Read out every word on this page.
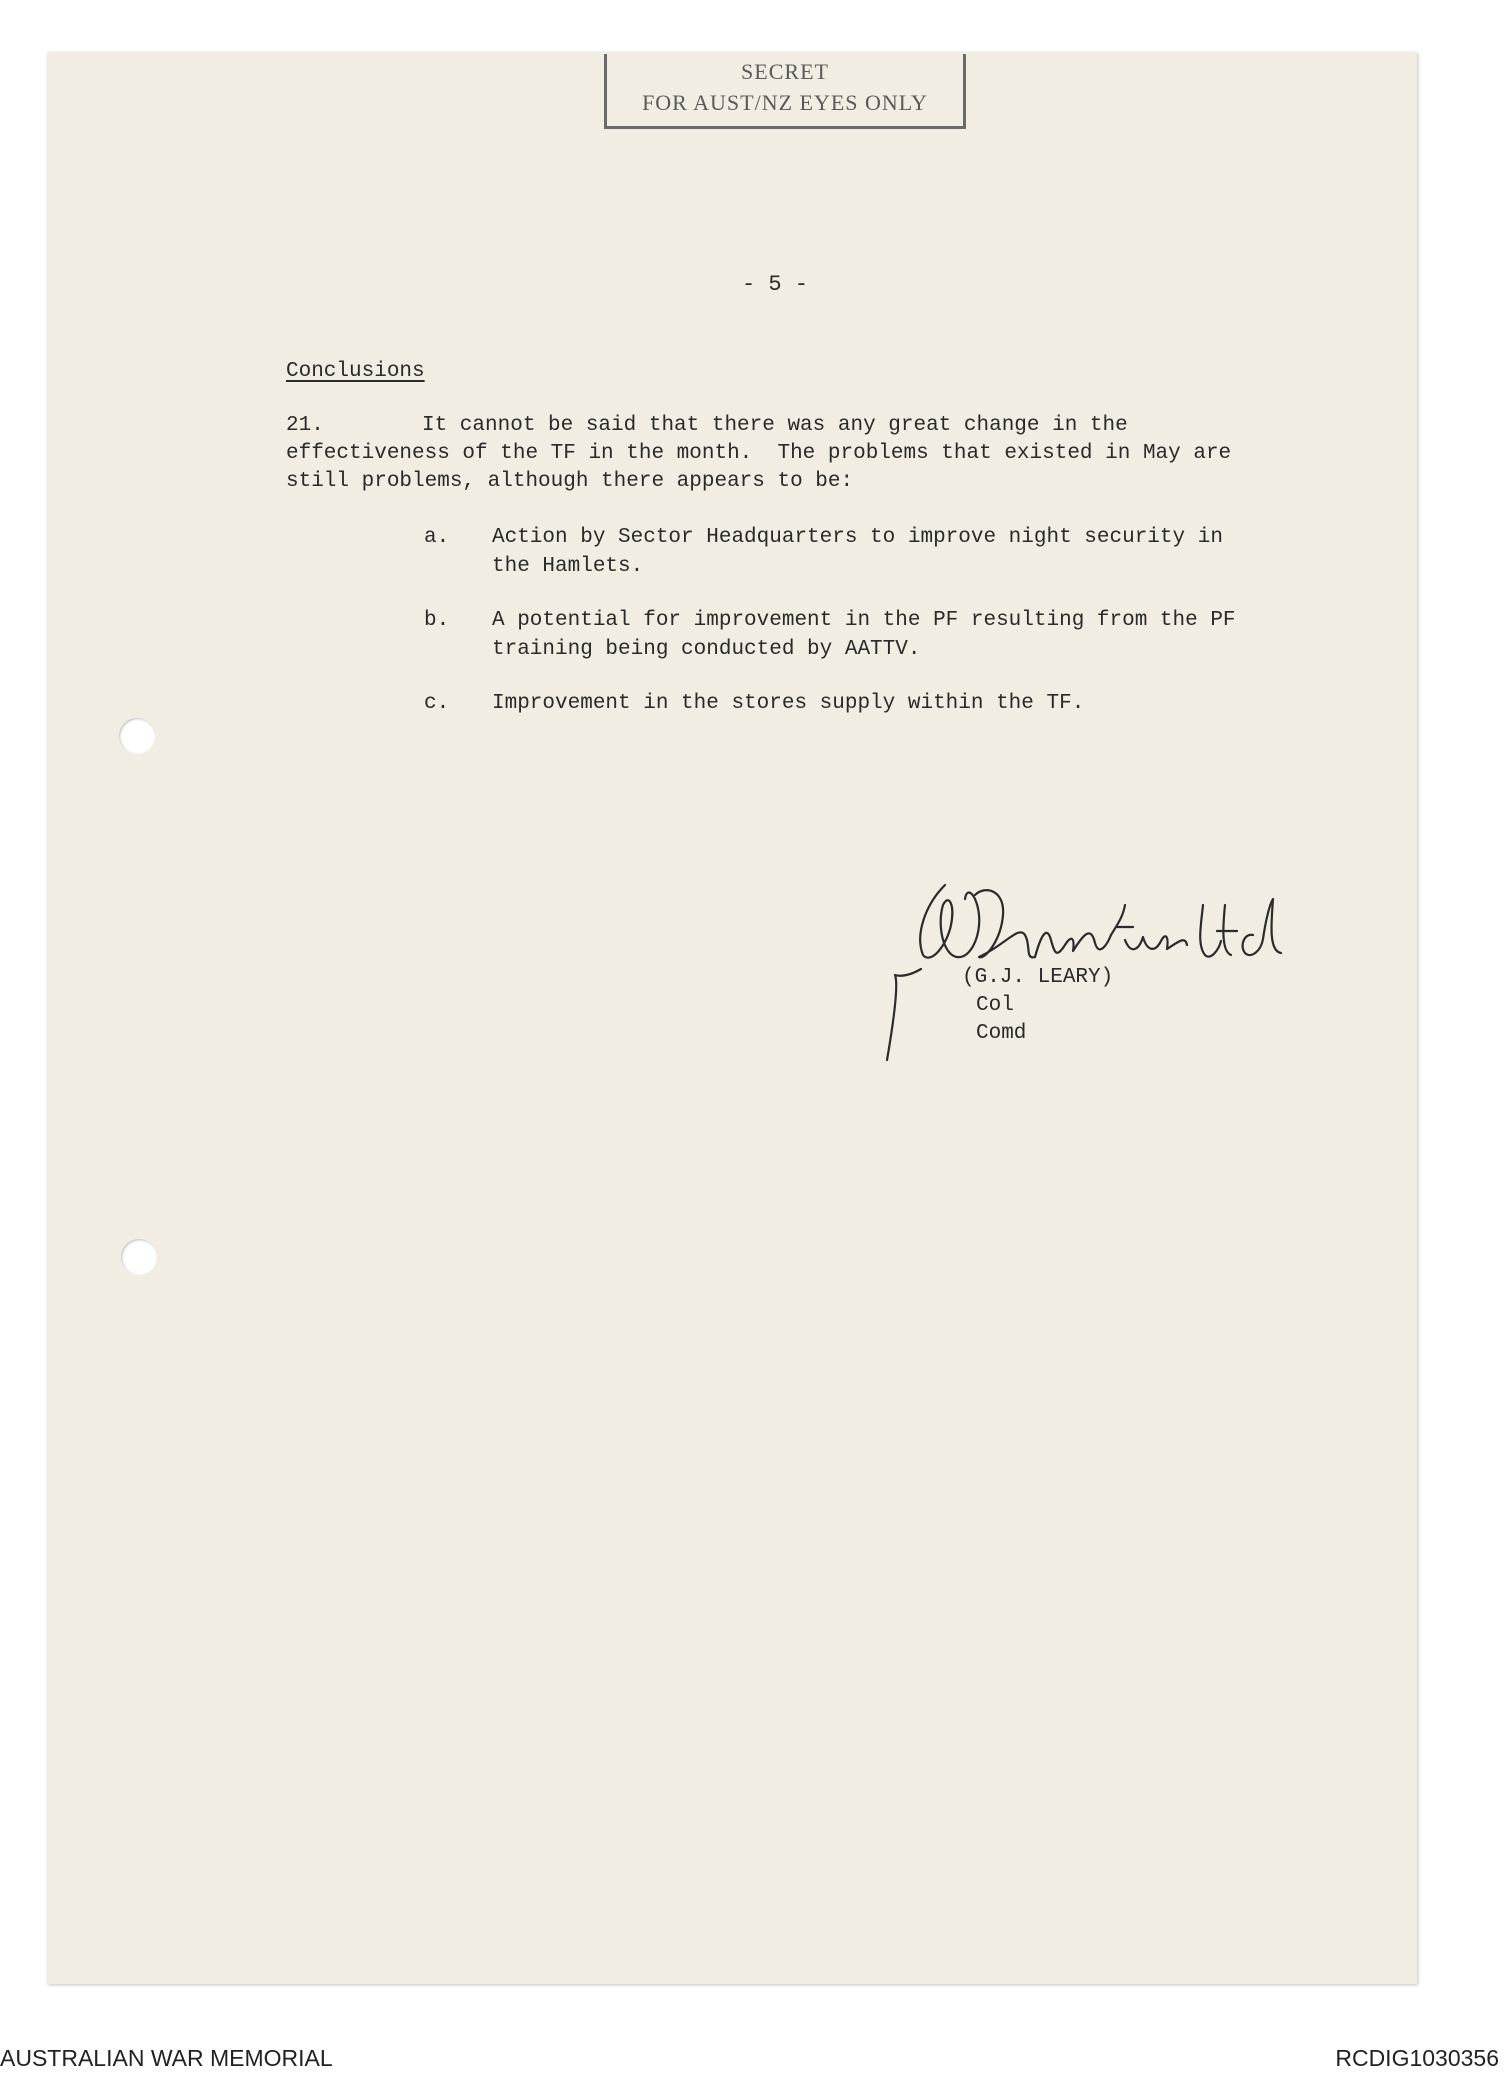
SECRET
FOR AUST/NZ EYES ONLY
- 5 -
Conclusions
21.	It cannot be said that there was any great change in the
effectiveness of the TF in the month.  The problems that existed in May are
still problems, although there appears to be:
a. Action by Sector Headquarters to improve night security in
the Hamlets.
b. A potential for improvement in the PF resulting from the PF
training being conducted by AATTV.
c. Improvement in the stores supply within the TF.
(G.J. LEARY)
Col
Comd
AUSTRALIAN WAR MEMORIAL	RCDIG1030356
